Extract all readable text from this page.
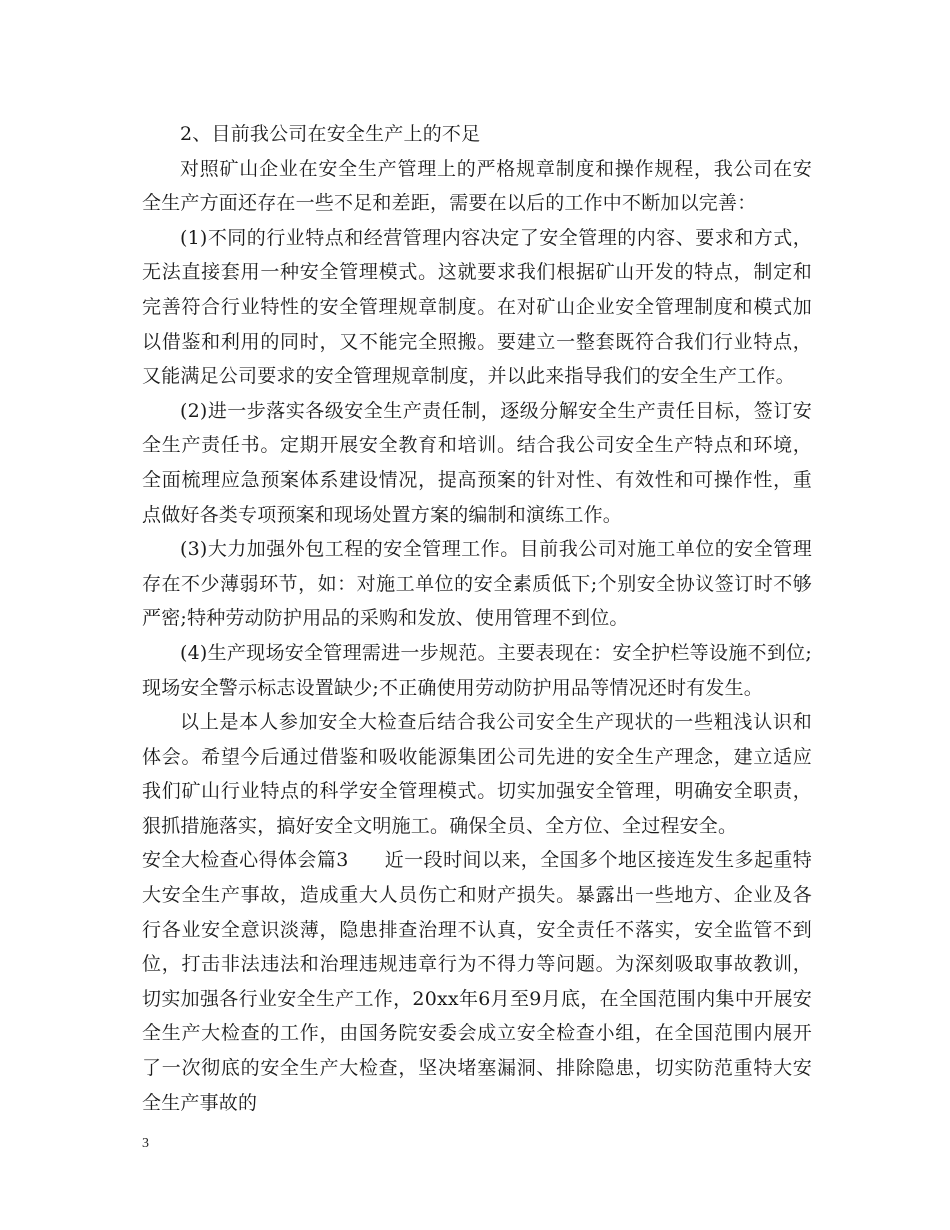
2、目前我公司在安全生产上的不足

对照矿山企业在安全生产管理上的严格规章制度和操作规程，我公司在安全生产方面还存在一些不足和差距，需要在以后的工作中不断加以完善：

(1)不同的行业特点和经营管理内容决定了安全管理的内容、要求和方式，无法直接套用一种安全管理模式。这就要求我们根据矿山开发的特点，制定和完善符合行业特性的安全管理规章制度。在对矿山企业安全管理制度和模式加以借鉴和利用的同时，又不能完全照搬。要建立一整套既符合我们行业特点，又能满足公司要求的安全管理规章制度，并以此来指导我们的安全生产工作。

(2)进一步落实各级安全生产责任制，逐级分解安全生产责任目标，签订安全生产责任书。定期开展安全教育和培训。结合我公司安全生产特点和环境，全面梳理应急预案体系建设情况，提高预案的针对性、有效性和可操作性，重点做好各类专项预案和现场处置方案的编制和演练工作。

(3)大力加强外包工程的安全管理工作。目前我公司对施工单位的安全管理存在不少薄弱环节，如：对施工单位的安全素质低下;个别安全协议签订时不够严密;特种劳动防护用品的采购和发放、使用管理不到位。

(4)生产现场安全管理需进一步规范。主要表现在：安全护栏等设施不到位;现场安全警示标志设置缺少;不正确使用劳动防护用品等情况还时有发生。

以上是本人参加安全大检查后结合我公司安全生产现状的一些粗浅认识和体会。希望今后通过借鉴和吸收能源集团公司先进的安全生产理念，建立适应我们矿山行业特点的科学安全管理模式。切实加强安全管理，明确安全职责，狠抓措施落实，搞好安全文明施工。确保全员、全方位、全过程安全。

安全大检查心得体会篇3 近一段时间以来，全国多个地区接连发生多起重特大安全生产事故，造成重大人员伤亡和财产损失。暴露出一些地方、企业及各行各业安全意识淡薄，隐患排查治理不认真，安全责任不落实，安全监管不到位，打击非法违法和治理违规违章行为不得力等问题。为深刻吸取事故教训，切实加强各行业安全生产工作，20xx年6月至9月底，在全国范围内集中开展安全生产大检查的工作，由国务院安委会成立安全检查小组，在全国范围内展开了一次彻底的安全生产大检查，坚决堵塞漏洞、排除隐患，切实防范重特大安全生产事故的

3
